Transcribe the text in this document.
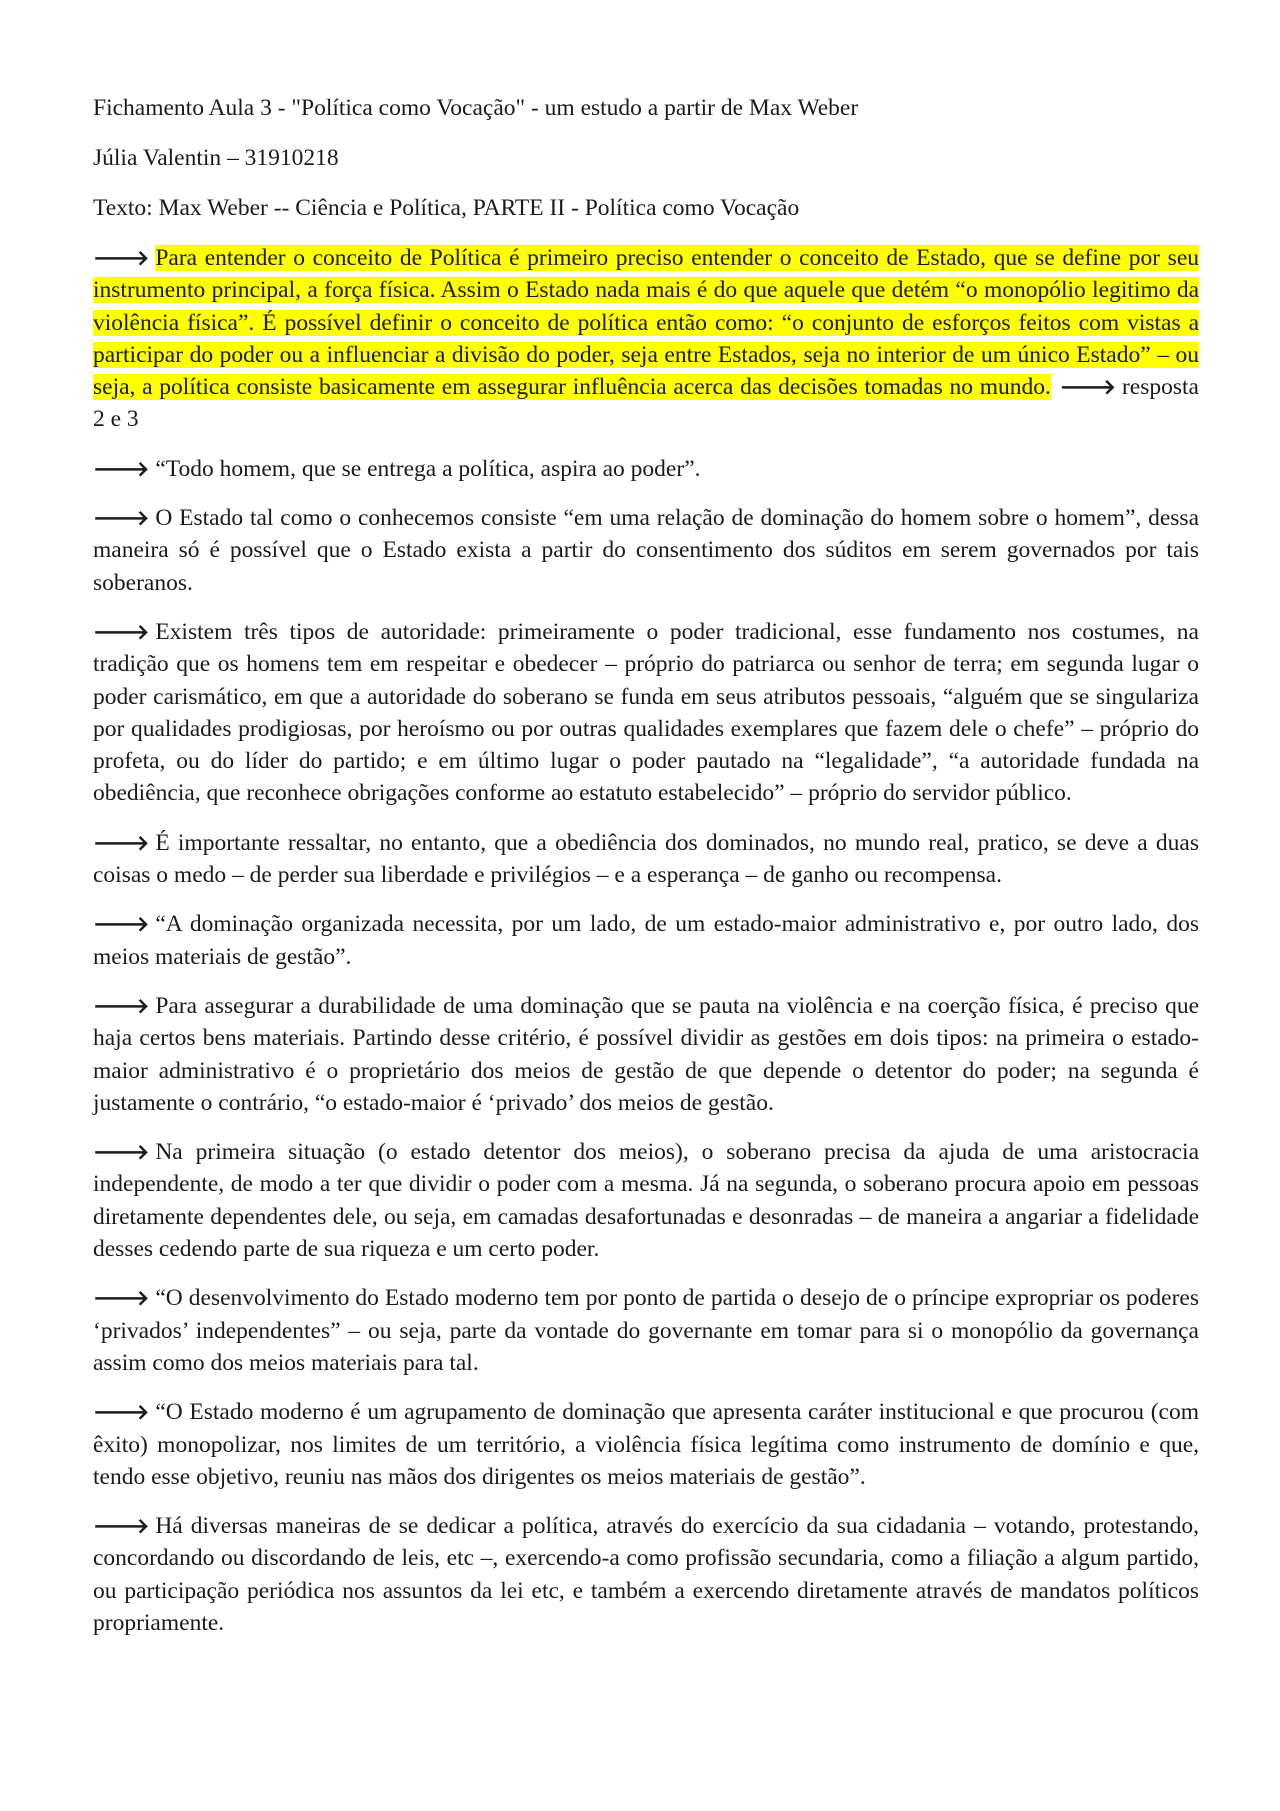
Fichamento Aula 3 - "Política como Vocação" - um estudo a partir de Max Weber

Júlia Valentin – 31910218

Texto: Max Weber -- Ciência e Política, PARTE II - Política como Vocação

🡒 Para entender o conceito de Política é primeiro preciso entender o conceito de Estado, que se define por seu instrumento principal, a força física. Assim o Estado nada mais é do que aquele que detém “o monopólio legitimo da violência física”. É possível definir o conceito de política então como: “o conjunto de esforços feitos com vistas a participar do poder ou a influenciar a divisão do poder, seja entre Estados, seja no interior de um único Estado” – ou seja, a política consiste basicamente em assegurar influência acerca das decisões tomadas no mundo. 🡒 resposta 2 e 3

🡒 “Todo homem, que se entrega a política, aspira ao poder”.

🡒 O Estado tal como o conhecemos consiste “em uma relação de dominação do homem sobre o homem”, dessa maneira só é possível que o Estado exista a partir do consentimento dos súditos em serem governados por tais soberanos.

🡒 Existem três tipos de autoridade: primeiramente o poder tradicional, esse fundamento nos costumes, na tradição que os homens tem em respeitar e obedecer – próprio do patriarca ou senhor de terra; em segunda lugar o poder carismático, em que a autoridade do soberano se funda em seus atributos pessoais, “alguém que se singulariza por qualidades prodigiosas, por heroísmo ou por outras qualidades exemplares que fazem dele o chefe” – próprio do profeta, ou do líder do partido; e em último lugar o poder pautado na “legalidade”, “a autoridade fundada na obediência, que reconhece obrigações conforme ao estatuto estabelecido” – próprio do servidor público.

🡒 É importante ressaltar, no entanto, que a obediência dos dominados, no mundo real, pratico, se deve a duas coisas o medo – de perder sua liberdade e privilégios – e a esperança – de ganho ou recompensa.

🡒 “A dominação organizada necessita, por um lado, de um estado-maior administrativo e, por outro lado, dos meios materiais de gestão”.

🡒 Para assegurar a durabilidade de uma dominação que se pauta na violência e na coerção física, é preciso que haja certos bens materiais. Partindo desse critério, é possível dividir as gestões em dois tipos: na primeira o estado-maior administrativo é o proprietário dos meios de gestão de que depende o detentor do poder; na segunda é justamente o contrário, “o estado-maior é ‘privado’ dos meios de gestão.

🡒 Na primeira situação (o estado detentor dos meios), o soberano precisa da ajuda de uma aristocracia independente, de modo a ter que dividir o poder com a mesma. Já na segunda, o soberano procura apoio em pessoas diretamente dependentes dele, ou seja, em camadas desafortunadas e desonradas – de maneira a angariar a fidelidade desses cedendo parte de sua riqueza e um certo poder.

🡒 “O desenvolvimento do Estado moderno tem por ponto de partida o desejo de o príncipe expropriar os poderes ‘privados’ independentes” – ou seja, parte da vontade do governante em tomar para si o monopólio da governança assim como dos meios materiais para tal.

🡒 “O Estado moderno é um agrupamento de dominação que apresenta caráter institucional e que procurou (com êxito) monopolizar, nos limites de um território, a violência física legítima como instrumento de domínio e que, tendo esse objetivo, reuniu nas mãos dos dirigentes os meios materiais de gestão”.

🡒 Há diversas maneiras de se dedicar a política, através do exercício da sua cidadania – votando, protestando, concordando ou discordando de leis, etc –, exercendo-a como profissão secundaria, como a filiação a algum partido, ou participação periódica nos assuntos da lei etc, e também a exercendo diretamente através de mandatos políticos propriamente.
